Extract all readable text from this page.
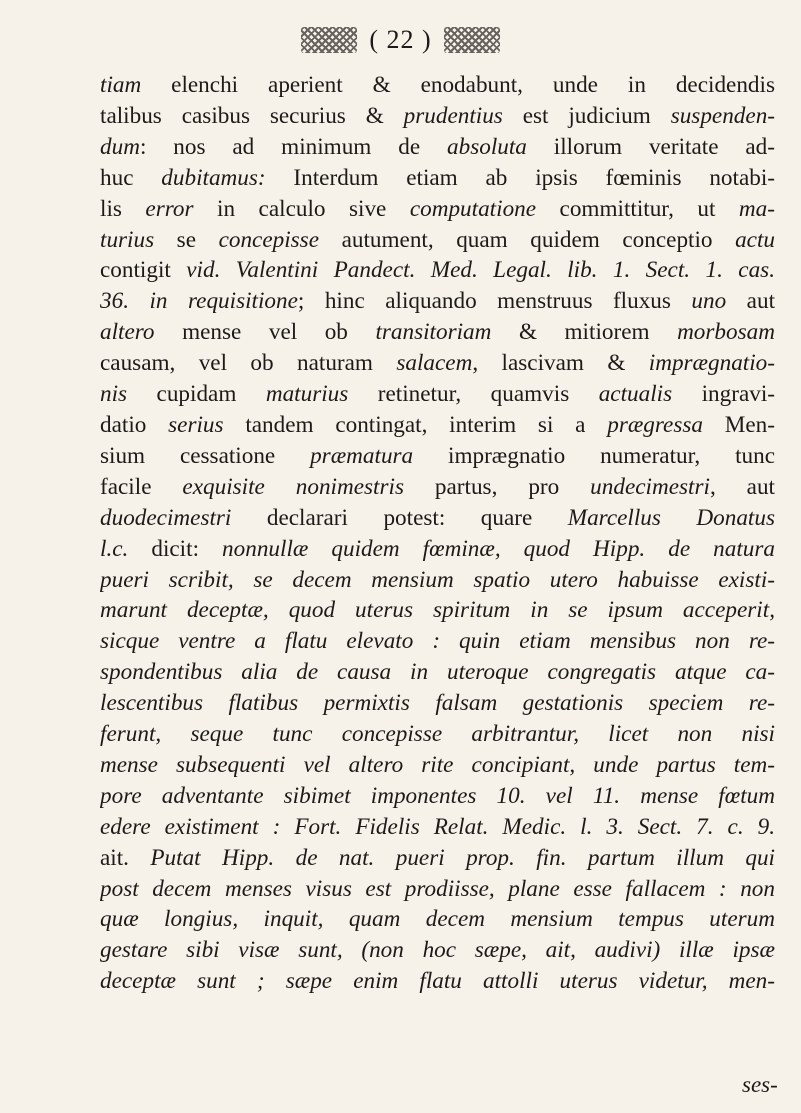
( 22 )
tiam elenchi aperient & enodabunt, unde in decidendis
talibus casibus securius & prudentius est judicium suspenden-
dum: nos ad minimum de absoluta illorum veritate ad-
huc dubitamus: Interdum etiam ab ipsis fœminis notabi-
lis error in calculo sive computatione committitur, ut ma-
turius se concepisse autument, quam quidem conceptio actu
contigit vid. Valentini Pandect. Med. Legal. lib. 1. Sect. 1. cas.
36. in requisitione; hinc aliquando menstruus fluxus uno aut
altero mense vel ob transitoriam & mitiorem morbosam
causam, vel ob naturam salacem, lascivam & imprægnatio-
nis cupidam maturius retinetur, quamvis actualis ingravi-
datio serius tandem contingat, interim si a prægressa Men-
sium cessatione præmatura imprægnatio numeratur, tunc
facile exquisite nonimestris partus, pro undecimestri, aut
duodecimestri declarari potest: quare Marcellus Donatus
l.c. dicit: nonnullæ quidem fœminæ, quod Hipp. de natura
pueri scribit, se decem mensium spatio utero habuisse existi-
marunt deceptæ, quod uterus spiritum in se ipsum acceperit,
sicque ventre a flatu elevato : quin etiam mensibus non re-
spondentibus alia de causa in uteroque congregatis atque ca-
lescentibus flatibus permixtis falsam gestationis speciem re-
ferunt, seque tunc concepisse arbitrantur, licet non nisi
mense subsequenti vel altero rite concipiant, unde partus tem-
pore adventante sibimet imponentes 10. vel 11. mense fœtum
edere existiment : Fort. Fidelis Relat. Medic. l. 3. Sect. 7. c. 9.
ait. Putat Hipp. de nat. pueri prop. fin. partum illum qui
post decem menses visus est prodiisse, plane esse fallacem : non
quæ longius, inquit, quam decem mensium tempus uterum
gestare sibi visæ sunt, (non hoc sæpe, ait, audivi) illæ ipsæ
deceptæ sunt ; sæpe enim flatu attolli uterus videtur, men-
ses-
